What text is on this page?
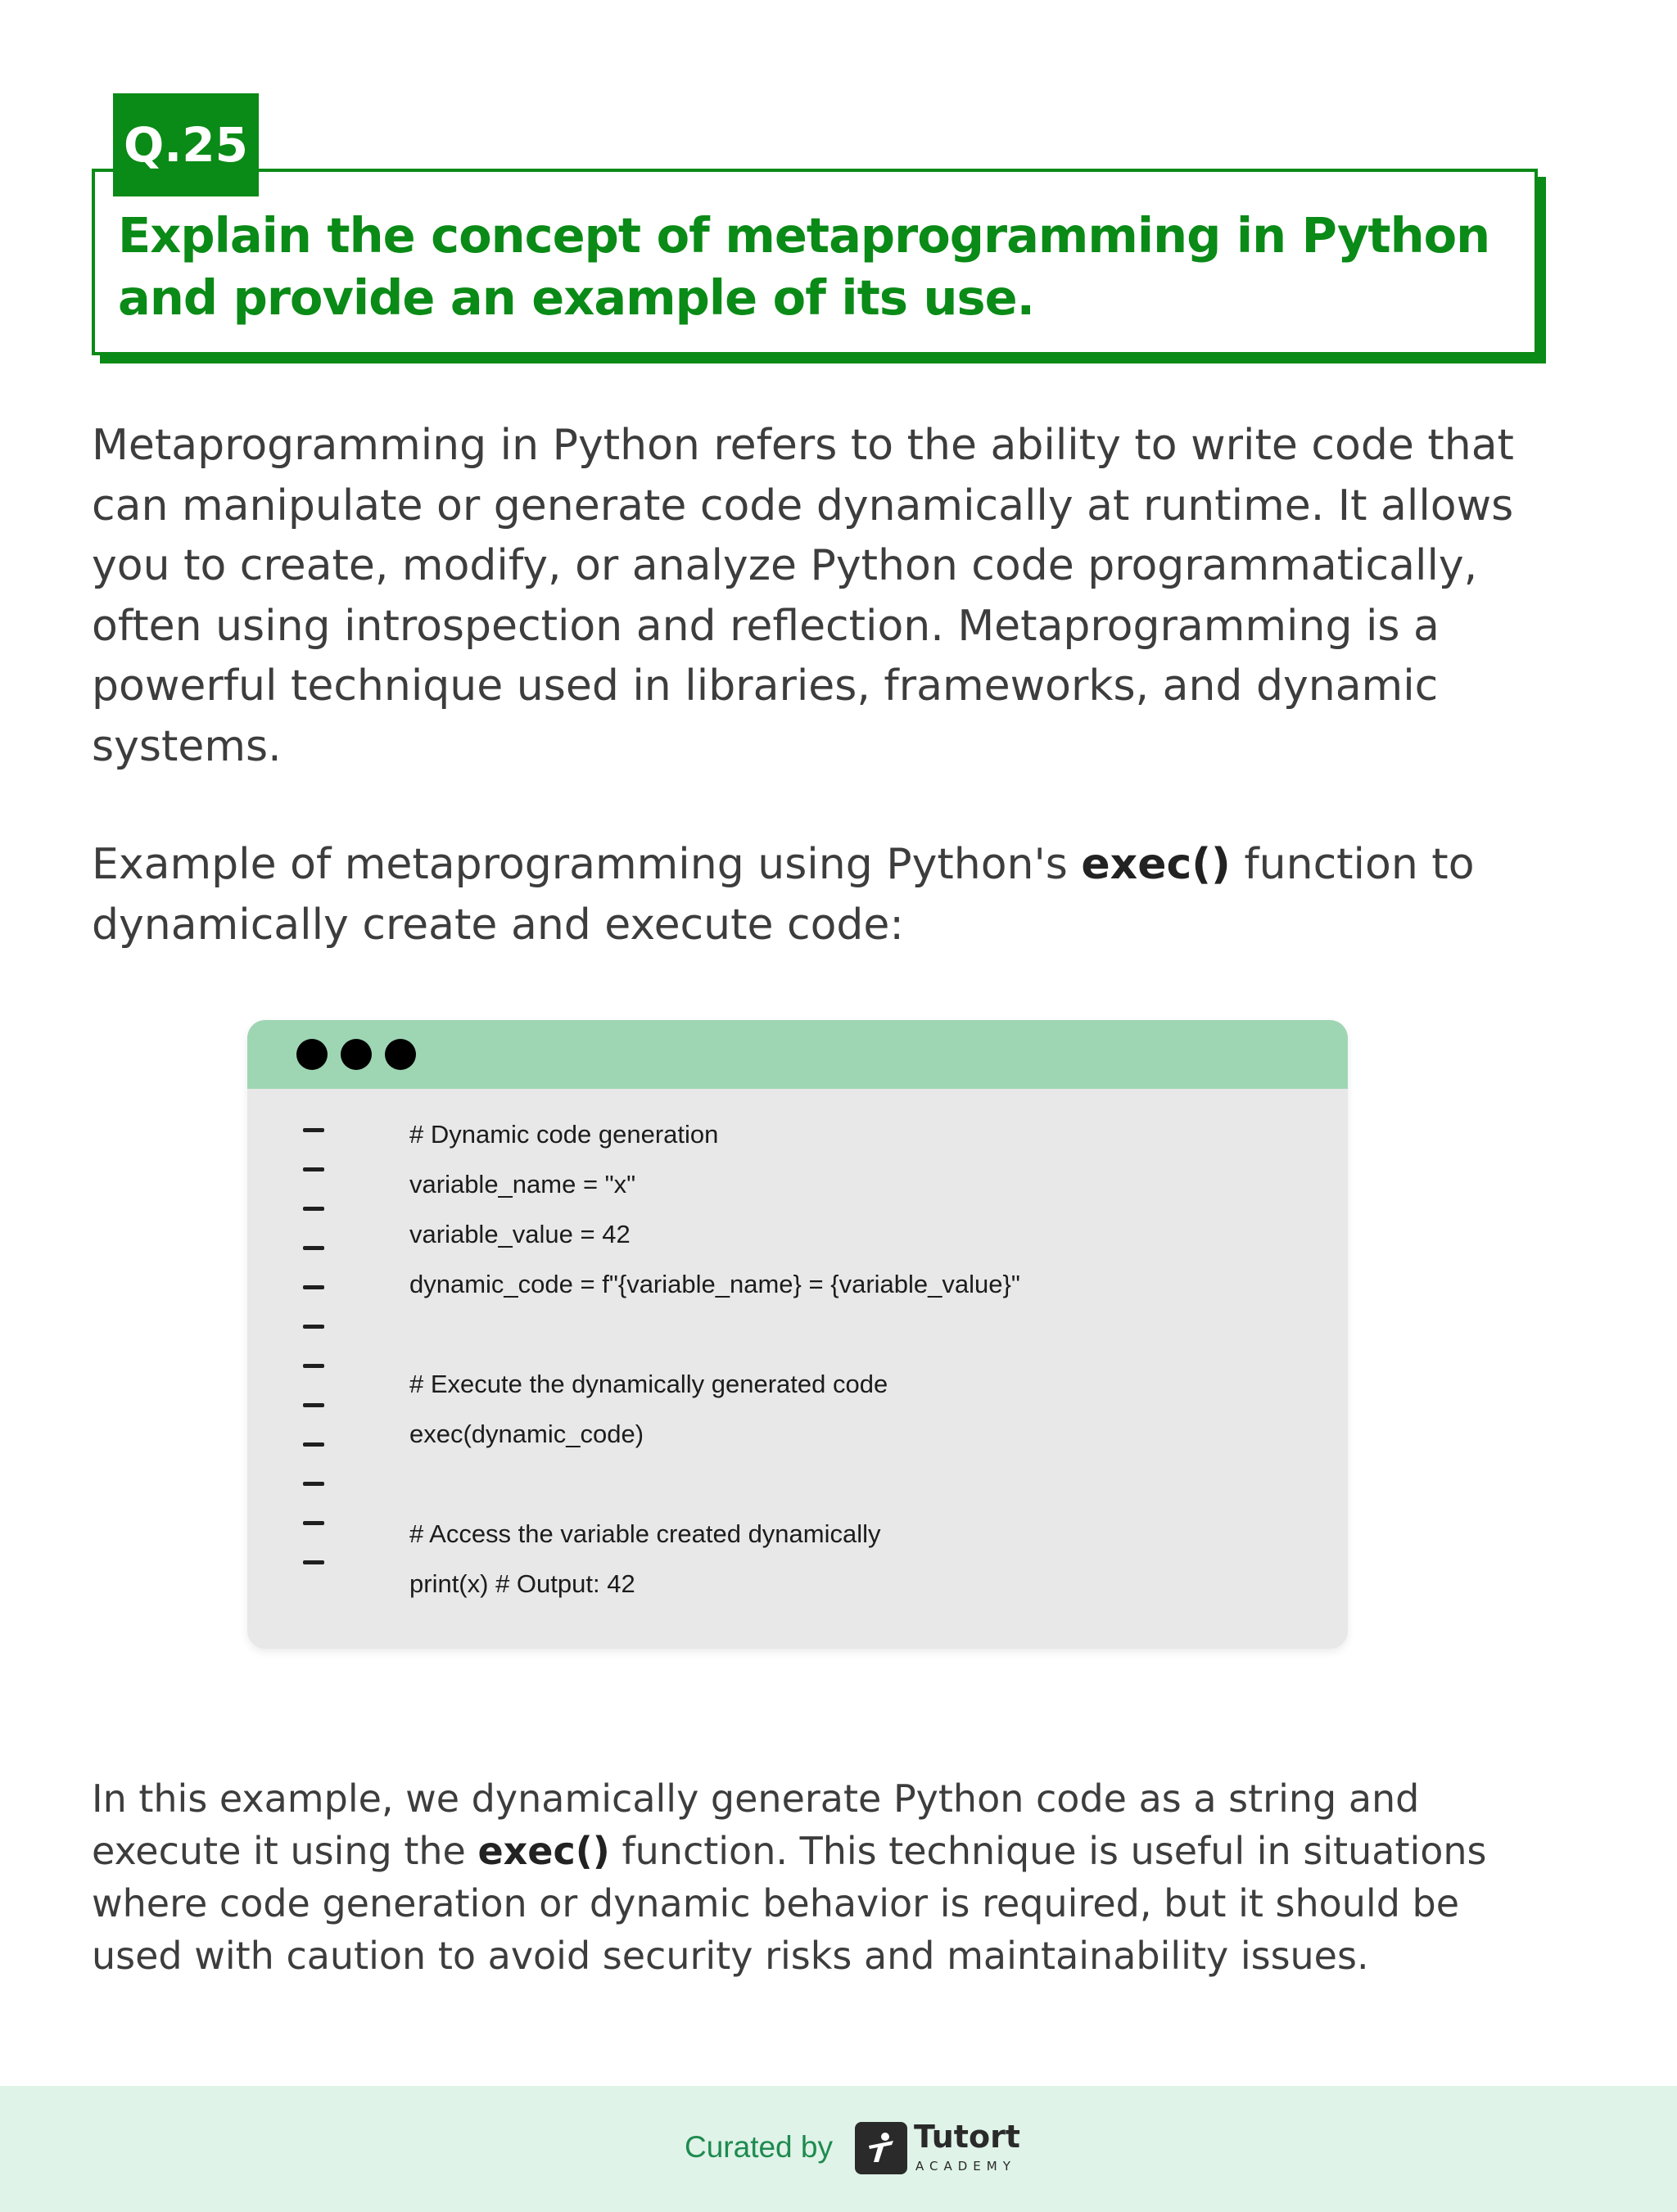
Q.25
Explain the concept of metaprogramming in Python
and provide an example of its use.
Metaprogramming in Python refers to the ability to write code that
can manipulate or generate code dynamically at runtime. It allows
you to create, modify, or analyze Python code programmatically,
often using introspection and reflection. Metaprogramming is a
powerful technique used in libraries, frameworks, and dynamic
systems.
Example of metaprogramming using Python's exec() function to
dynamically create and execute code:
# Dynamic code generation
variable_name = "x"
variable_value = 42
dynamic_code = f"{variable_name} = {variable_value}"
# Execute the dynamically generated code
exec(dynamic_code)
# Access the variable created dynamically
print(x) # Output: 42
In this example, we dynamically generate Python code as a string and
execute it using the exec() function. This technique is useful in situations
where code generation or dynamic behavior is required, but it should be
used with caution to avoid security risks and maintainability issues.
Curated by	Tutort
ACADEMY
